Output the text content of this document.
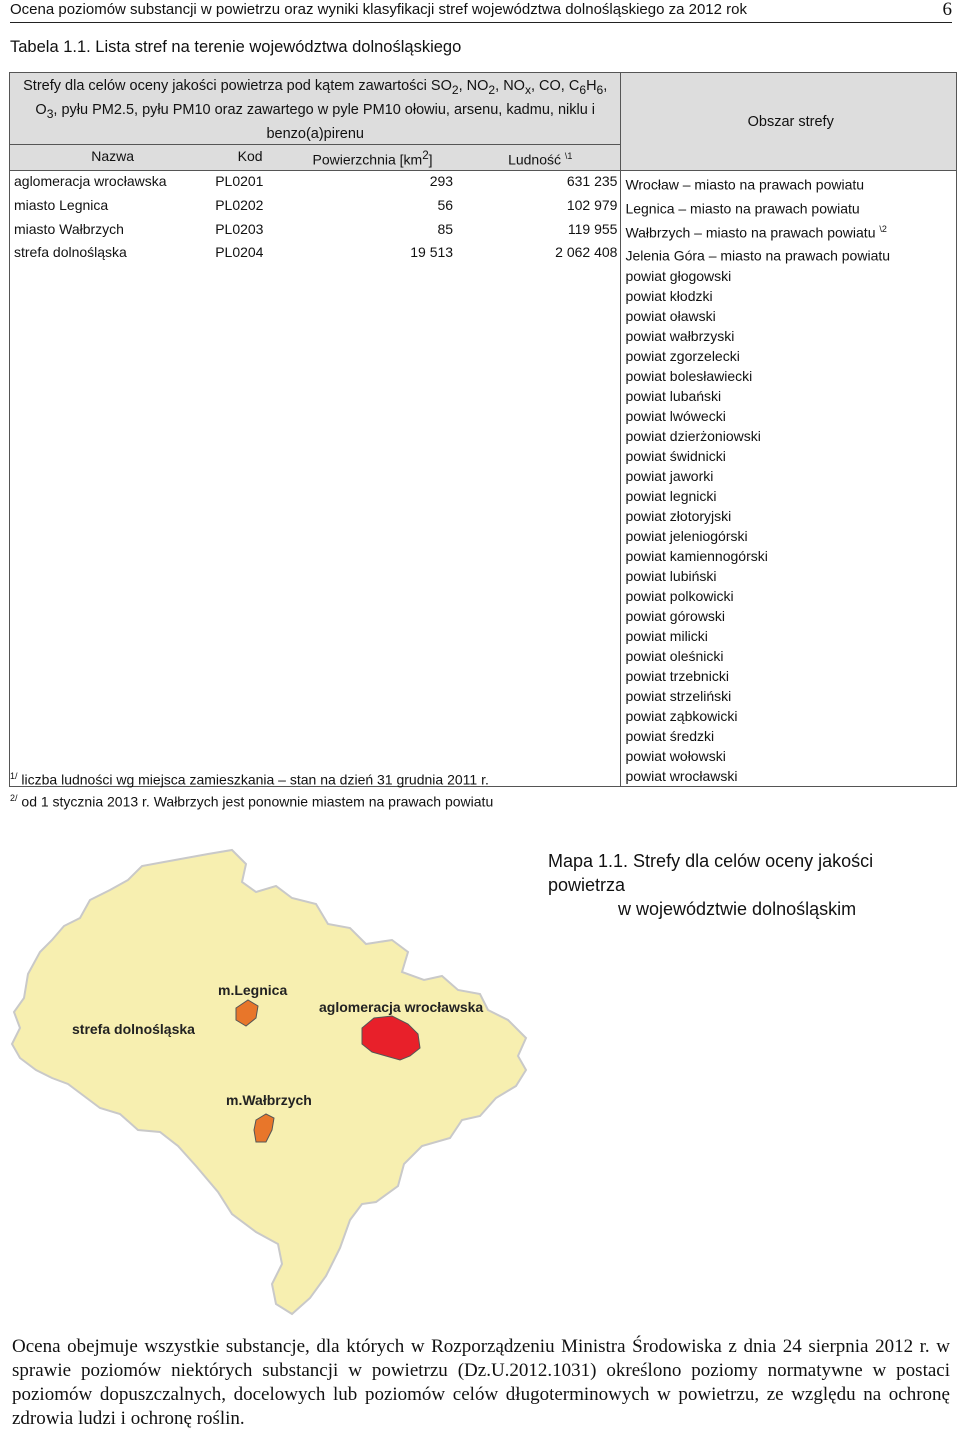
Ocena poziomów substancji w powietrzu oraz wyniki klasyfikacji stref województwa dolnośląskiego za 2012 rok	6
Tabela 1.1. Lista stref na terenie województwa dolnośląskiego
Strefy dla celów oceny jakości powietrza pod kątem zawartości $SO_2$, $NO_2$, $NO_x$, CO, $C_6H_6$, $O_3$, pyłu PM2.5, pyłu PM10 oraz zawartego w pyle PM10 ołowiu, arsenu, kadmu, niklu i benzo(a)pirenu				Obszar strefy
Nazwa	Kod	Powierzchnia $[km^2]$	Ludność $^{\backslash 1}$
aglomeracja wrocławska	PL0201	293	631 235	Wrocław – miasto na prawach powiatu
miasto Legnica	PL0202	56	102 979	Legnica – miasto na prawach powiatu
miasto Wałbrzych	PL0203	85	119 955	Wałbrzych – miasto na prawach powiatu $^{\backslash 2}$
strefa dolnośląska	PL0204	19 513	2 062 408	Jelenia Góra – miasto na prawach powiatu
				powiat głogowski
				powiat kłodzki
				powiat oławski
				powiat wałbrzyski
				powiat zgorzelecki
				powiat bolesławiecki
				powiat lubański
				powiat lwówecki
				powiat dzierżoniowski
				powiat świdnicki
				powiat jaworki
				powiat legnicki
				powiat złotoryjski
				powiat jeleniogórski
				powiat kamiennogórski
				powiat lubiński
				powiat polkowicki
				powiat górowski
				powiat milicki
				powiat oleśnicki
				powiat trzebnicki
				powiat strzeliński
				powiat ząbkowicki
				powiat średzki
				powiat wołowski
				powiat wrocławski
$^{1/}$ liczba ludności wg miejsca zamieszkania – stan na dzień 31 grudnia 2011 r.
$^{2/}$ od 1 stycznia 2013 r. Wałbrzych jest ponownie miastem na prawach powiatu
m.Legnica
aglomeracja wrocławska
strefa dolnośląska
m.Wałbrzych
Mapa 1.1. Strefy dla celów oceny jakości powietrza
w województwie dolnośląskim
Ocena obejmuje wszystkie substancje, dla których w Rozporządzeniu Ministra Środowiska z dnia 24 sierpnia 2012 r. w sprawie poziomów niektórych substancji w powietrzu (Dz.U.2012.1031) określono poziomy normatywne w postaci poziomów dopuszczalnych, docelowych lub poziomów celów długoterminowych w powietrzu, ze względu na ochronę zdrowia ludzi i ochronę roślin.
